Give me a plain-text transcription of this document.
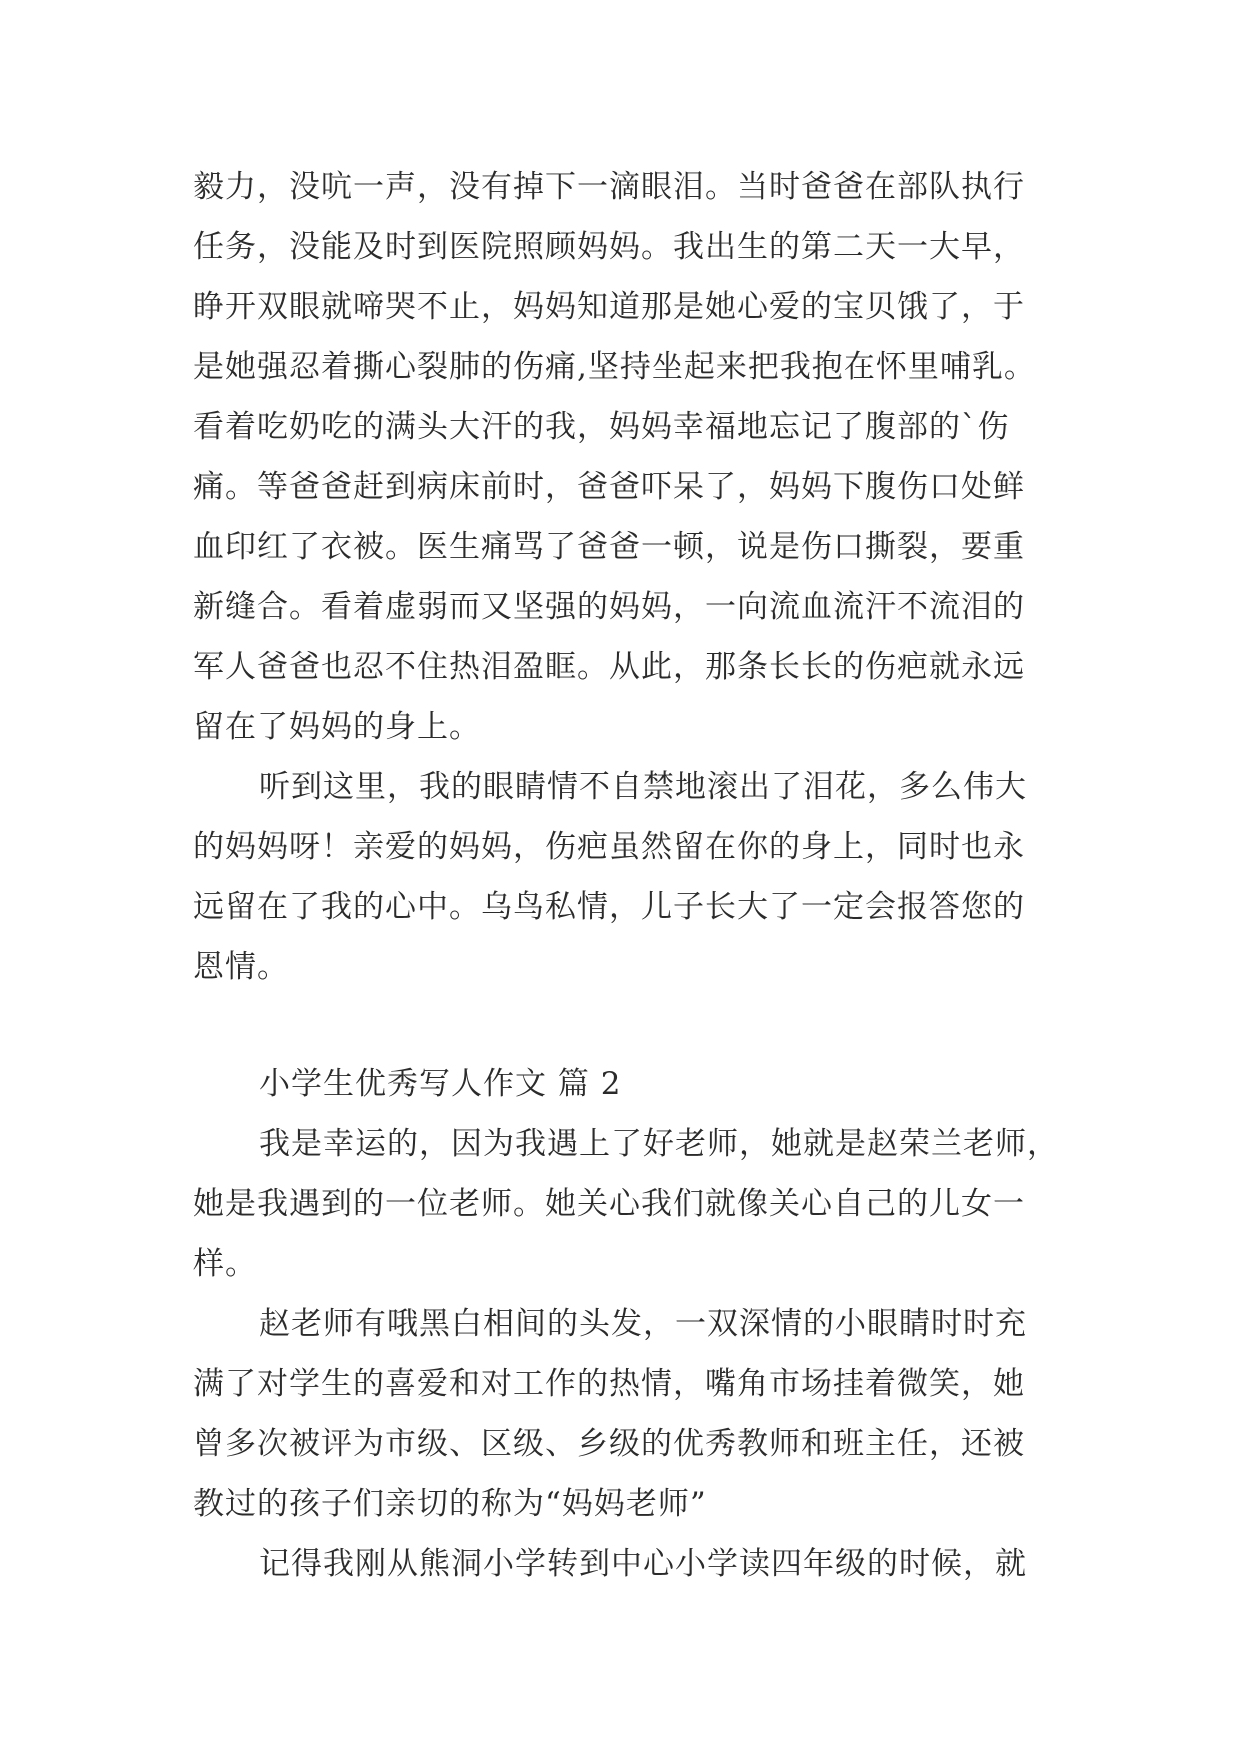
毅力，没吭一声，没有掉下一滴眼泪。当时爸爸在部队执行
任务，没能及时到医院照顾妈妈。我出生的第二天一大早，
睁开双眼就啼哭不止，妈妈知道那是她心爱的宝贝饿了，于
是她强忍着撕心裂肺的伤痛,坚持坐起来把我抱在怀里哺乳。
看着吃奶吃的满头大汗的我，妈妈幸福地忘记了腹部的`伤
痛。等爸爸赶到病床前时，爸爸吓呆了，妈妈下腹伤口处鲜
血印红了衣被。医生痛骂了爸爸一顿，说是伤口撕裂，要重
新缝合。看着虚弱而又坚强的妈妈，一向流血流汗不流泪的
军人爸爸也忍不住热泪盈眶。从此，那条长长的伤疤就永远
留在了妈妈的身上。
听到这里，我的眼睛情不自禁地滚出了泪花，多么伟大
的妈妈呀！亲爱的妈妈，伤疤虽然留在你的身上，同时也永
远留在了我的心中。乌鸟私情，儿子长大了一定会报答您的
恩情。
小学生优秀写人作文 篇 2
我是幸运的，因为我遇上了好老师，她就是赵荣兰老师，
她是我遇到的一位老师。她关心我们就像关心自己的儿女一
样。
赵老师有哦黑白相间的头发，一双深情的小眼睛时时充
满了对学生的喜爱和对工作的热情，嘴角市场挂着微笑，她
曾多次被评为市级、区级、乡级的优秀教师和班主任，还被
教过的孩子们亲切的称为“妈妈老师”
记得我刚从熊洞小学转到中心小学读四年级的时候，就
